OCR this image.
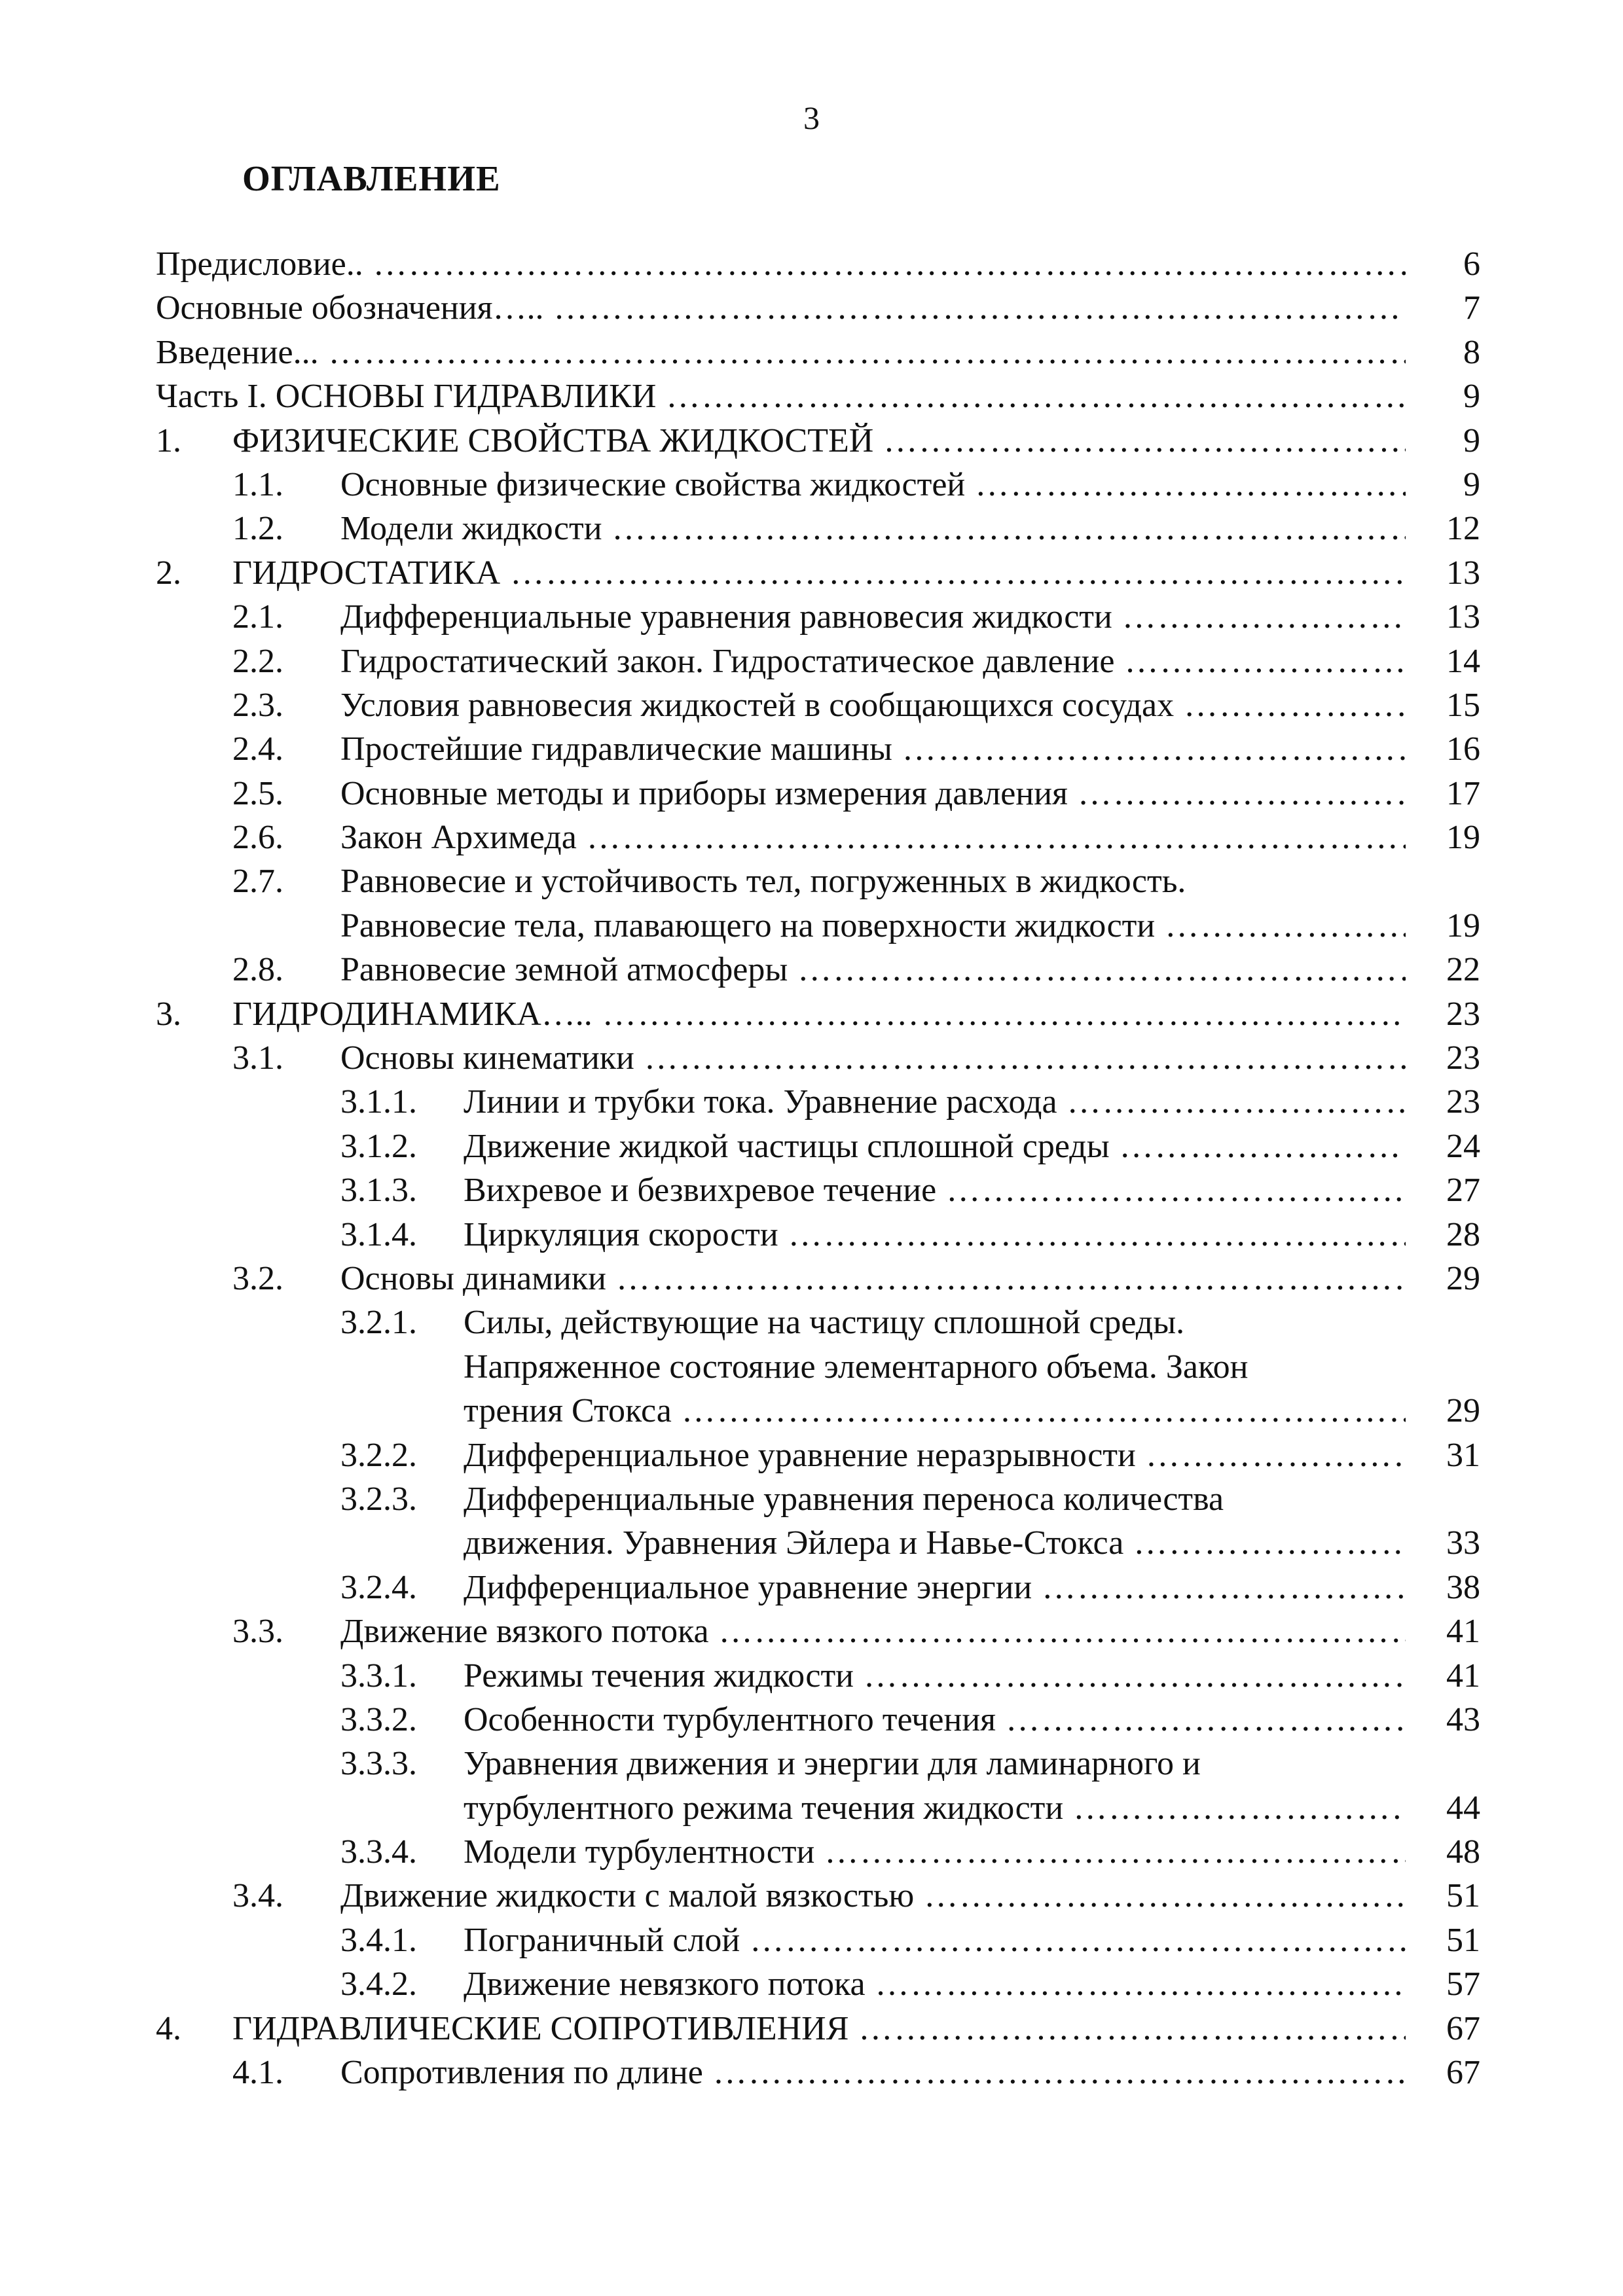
3
ОГЛАВЛЕНИЕ
Предисловие.. ………………………………………………………………………………………………………………………………………………………………………	6
Основные обозначения….. ………………………………………………………………………………………………………………………………………………………………………	7
Введение... ………………………………………………………………………………………………………………………………………………………………………	8
Часть I. ОСНОВЫ ГИДРАВЛИКИ ………………………………………………………………………………………………………………………………………………………………………	9
1. ФИЗИЧЕСКИЕ СВОЙСТВА ЖИДКОСТЕЙ ………………………………………………………………………………………………………………………………………………………………………	9
1.1. Основные физические свойства жидкостей ………………………………………………………………………………………………………………………………………………………………………	9
1.2. Модели жидкости ………………………………………………………………………………………………………………………………………………………………………	12
2. ГИДРОСТАТИКА ………………………………………………………………………………………………………………………………………………………………………	13
2.1. Дифференциальные уравнения равновесия жидкости ………………………………………………………………………………………………………………………………………………………………………	13
2.2. Гидростатический закон. Гидростатическое давление ………………………………………………………………………………………………………………………………………………………………………	14
2.3. Условия равновесия жидкостей в сообщающихся сосудах ………………………………………………………………………………………………………………………………………………………………………	15
2.4. Простейшие гидравлические машины ………………………………………………………………………………………………………………………………………………………………………	16
2.5. Основные методы и приборы измерения давления ………………………………………………………………………………………………………………………………………………………………………	17
2.6. Закон Архимеда ………………………………………………………………………………………………………………………………………………………………………	19
2.7. Равновесие и устойчивость тел, погруженных в жидкость.
Равновесие тела, плавающего на поверхности жидкости ………………………………………………………………………………………………………………………………………………………………………	19
2.8. Равновесие земной атмосферы ………………………………………………………………………………………………………………………………………………………………………	22
3. ГИДРОДИНАМИКА….. ………………………………………………………………………………………………………………………………………………………………………	23
3.1. Основы кинематики ………………………………………………………………………………………………………………………………………………………………………	23
3.1.1. Линии и трубки тока. Уравнение расхода ………………………………………………………………………………………………………………………………………………………………………	23
3.1.2. Движение жидкой частицы сплошной среды ………………………………………………………………………………………………………………………………………………………………………	24
3.1.3. Вихревое и безвихревое течение ………………………………………………………………………………………………………………………………………………………………………	27
3.1.4. Циркуляция скорости ………………………………………………………………………………………………………………………………………………………………………	28
3.2. Основы динамики ………………………………………………………………………………………………………………………………………………………………………	29
3.2.1. Силы, действующие на частицу сплошной среды.
Напряженное состояние элементарного объема. Закон
трения Стокса ………………………………………………………………………………………………………………………………………………………………………	29
3.2.2. Дифференциальное уравнение неразрывности ………………………………………………………………………………………………………………………………………………………………………	31
3.2.3. Дифференциальные уравнения переноса количества
движения. Уравнения Эйлера и Навье-Стокса ………………………………………………………………………………………………………………………………………………………………………	33
3.2.4. Дифференциальное уравнение энергии ………………………………………………………………………………………………………………………………………………………………………	38
3.3. Движение вязкого потока ………………………………………………………………………………………………………………………………………………………………………	41
3.3.1. Режимы течения жидкости ………………………………………………………………………………………………………………………………………………………………………	41
3.3.2. Особенности турбулентного течения ………………………………………………………………………………………………………………………………………………………………………	43
3.3.3. Уравнения движения и энергии для ламинарного и
турбулентного режима течения жидкости ………………………………………………………………………………………………………………………………………………………………………	44
3.3.4. Модели турбулентности ………………………………………………………………………………………………………………………………………………………………………	48
3.4. Движение жидкости с малой вязкостью ………………………………………………………………………………………………………………………………………………………………………	51
3.4.1. Пограничный слой ………………………………………………………………………………………………………………………………………………………………………	51
3.4.2. Движение невязкого потока ………………………………………………………………………………………………………………………………………………………………………	57
4. ГИДРАВЛИЧЕСКИЕ СОПРОТИВЛЕНИЯ ………………………………………………………………………………………………………………………………………………………………………	67
4.1. Сопротивления по длине ………………………………………………………………………………………………………………………………………………………………………	67
